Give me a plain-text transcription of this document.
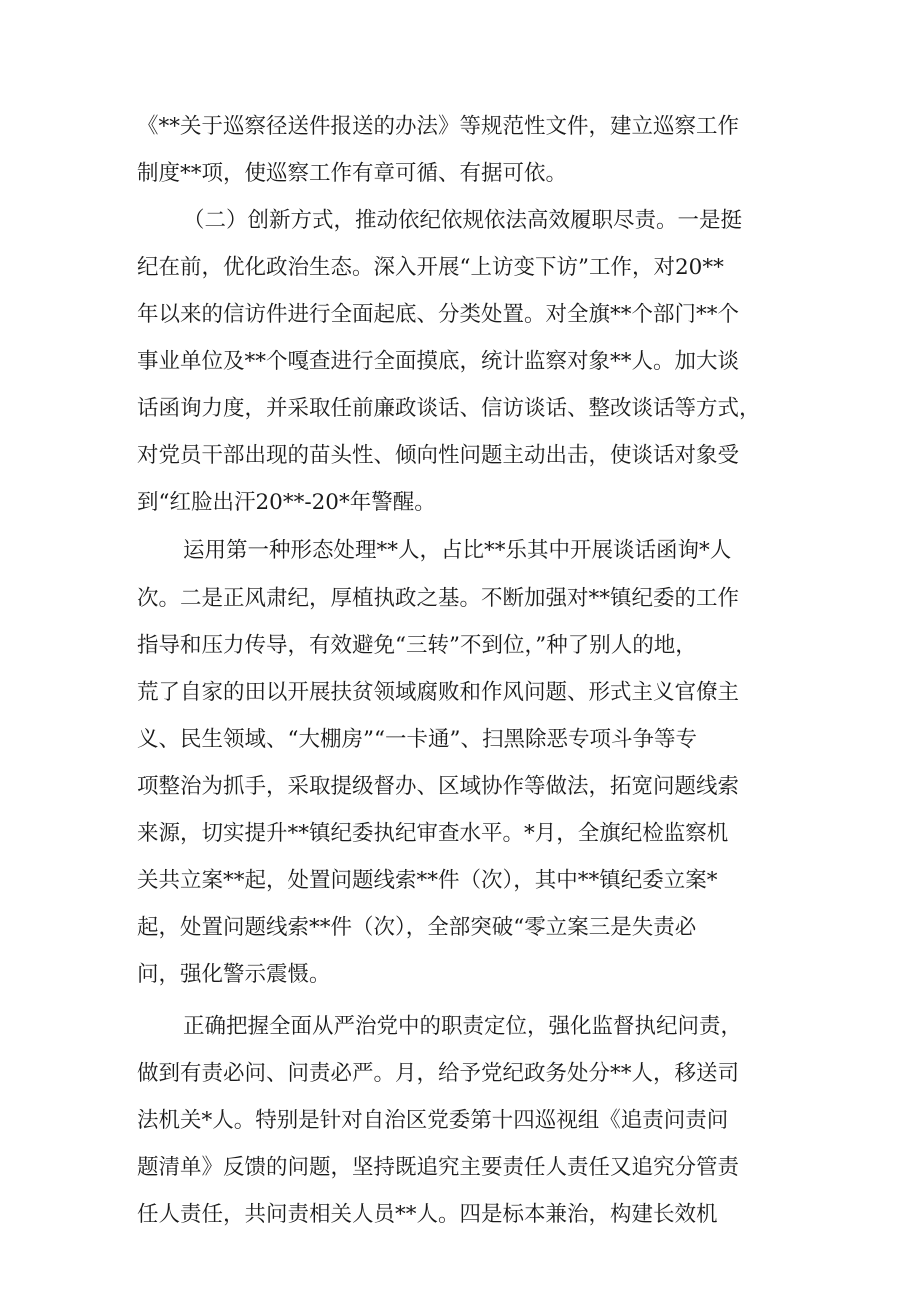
《**关于巡察径送件报送的办法》等规范性文件，建立巡察工作

制度**项，使巡察工作有章可循、有据可依。

（二）创新方式，推动依纪依规依法高效履职尽责。一是挺

纪在前，优化政治生态。深入开展“上访变下访”工作，对20**

年以来的信访件进行全面起底、分类处置。对全旗**个部门**个

事业单位及**个嘎查进行全面摸底，统计监察对象**人。加大谈

话函询力度，并采取任前廉政谈话、信访谈话、整改谈话等方式，

对党员干部出现的苗头性、倾向性问题主动出击，使谈话对象受

到“红脸出汗20**-20*年警醒。

运用第一种形态处理**人，占比**乐其中开展谈话函询*人

次。二是正风肃纪，厚植执政之基。不断加强对**镇纪委的工作

指导和压力传导，有效避免“三转”不到位，”种了别人的地，

荒了自家的田以开展扶贫领域腐败和作风问题、形式主义官僚主

义、民生领域、“大棚房”“一卡通”、扫黑除恶专项斗争等专

项整治为抓手，采取提级督办、区域协作等做法，拓宽问题线索

来源，切实提升**镇纪委执纪审查水平。*月，全旗纪检监察机

关共立案**起，处置问题线索**件（次），其中**镇纪委立案*

起，处置问题线索**件（次），全部突破“零立案三是失责必

问，强化警示震慑。

正确把握全面从严治党中的职责定位，强化监督执纪问责，

做到有责必问、问责必严。月，给予党纪政务处分**人，移送司

法机关*人。特别是针对自治区党委第十四巡视组《追责问责问

题清单》反馈的问题，坚持既追究主要责任人责任又追究分管责

任人责任，共问责相关人员**人。四是标本兼治，构建长效机
